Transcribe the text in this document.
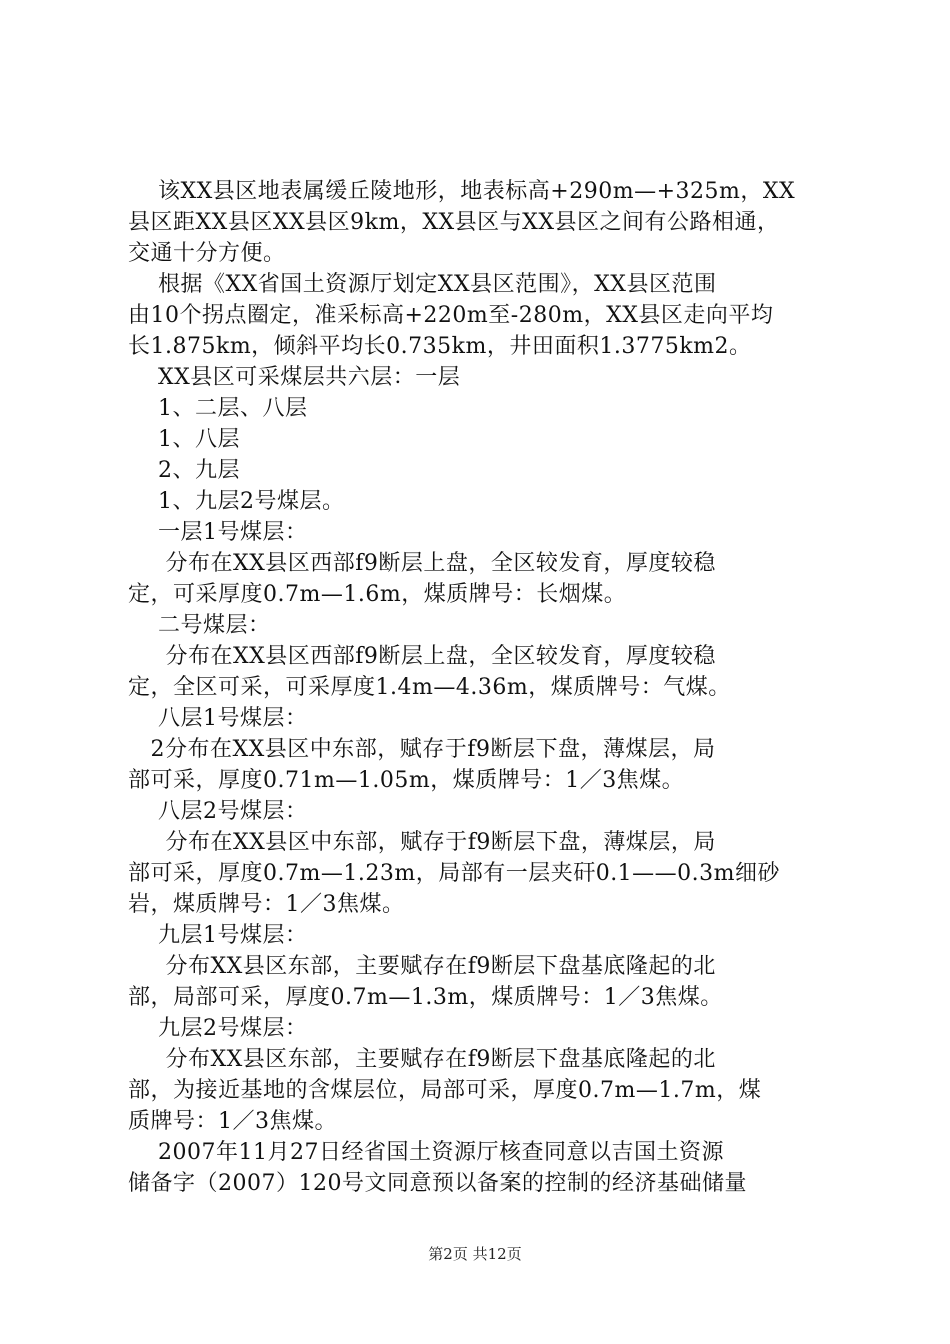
该XX县区地表属缓丘陵地形，地表标高+290m—+325m，XX
县区距XX县区XX县区9km，XX县区与XX县区之间有公路相通，
交通十分方便。
根据《XX省国土资源厅划定XX县区范围》，XX县区范围
由10个拐点圈定，准采标高+220m至-280m，XX县区走向平均
长1.875km，倾斜平均长0.735km，井田面积1.3775km2。
XX县区可采煤层共六层：一层
1、二层、八层
1、八层
2、九层
1、九层2号煤层。
一层1号煤层：
分布在XX县区西部f9断层上盘，全区较发育，厚度较稳
定，可采厚度0.7m—1.6m，煤质牌号：长烟煤。
二号煤层：
分布在XX县区西部f9断层上盘，全区较发育，厚度较稳
定，全区可采，可采厚度1.4m—4.36m，煤质牌号：气煤。
八层1号煤层：
2分布在XX县区中东部，赋存于f9断层下盘，薄煤层，局
部可采，厚度0.71m—1.05m，煤质牌号：1／3焦煤。
八层2号煤层：
分布在XX县区中东部，赋存于f9断层下盘，薄煤层，局
部可采，厚度0.7m—1.23m，局部有一层夹矸0.1——0.3m细砂
岩，煤质牌号：1／3焦煤。
九层1号煤层：
分布XX县区东部，主要赋存在f9断层下盘基底隆起的北
部，局部可采，厚度0.7m—1.3m，煤质牌号：1／3焦煤。
九层2号煤层：
分布XX县区东部，主要赋存在f9断层下盘基底隆起的北
部，为接近基地的含煤层位，局部可采，厚度0.7m—1.7m，煤
质牌号：1／3焦煤。
2007年11月27日经省国土资源厅核查同意以吉国土资源
储备字（2007）120号文同意预以备案的控制的经济基础储量
第2页 共12页
